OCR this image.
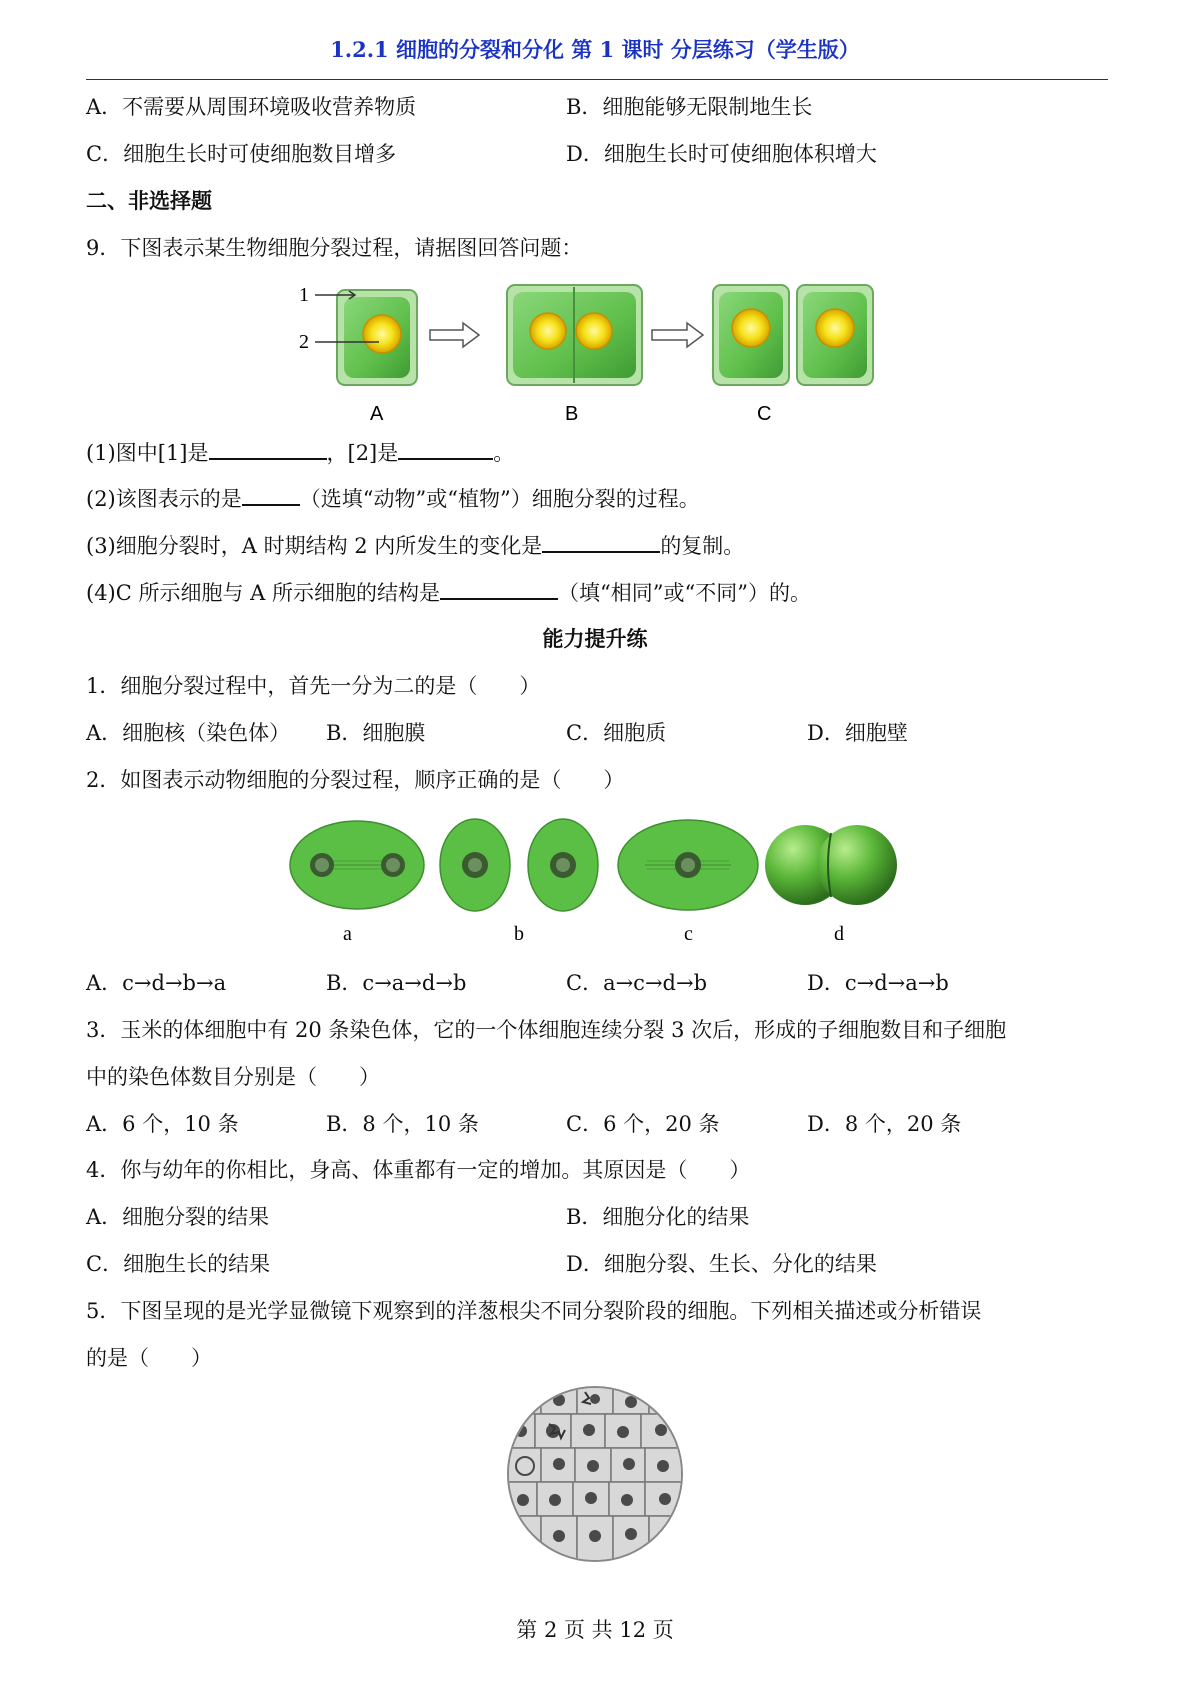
1.2.1 细胞的分裂和分化 第 1 课时 分层练习（学生版）
A．不需要从周围环境吸收营养物质	B．细胞能够无限制地生长
C．细胞生长时可使细胞数目增多	D．细胞生长时可使细胞体积增大
二、非选择题
9．下图表示某生物细胞分裂过程，请据图回答问题：
1
2
A	B	C
(1)图中[1]是	，[2]是	。
(2)该图表示的是	（选填“动物”或“植物”）细胞分裂的过程。
(3)细胞分裂时，A 时期结构 2 内所发生的变化是	的复制。
(4)C 所示细胞与 A 所示细胞的结构是	（填“相同”或“不同”）的。
能力提升练
1．细胞分裂过程中，首先一分为二的是（　　）
A．细胞核（染色体） B．细胞膜	C．细胞质	D．细胞壁
2．如图表示动物细胞的分裂过程，顺序正确的是（　　）
a	b	c	d
A．c→d→b→a	B．c→a→d→b	C．a→c→d→b	D．c→d→a→b
3．玉米的体细胞中有 20 条染色体，它的一个体细胞连续分裂 3 次后，形成的子细胞数目和子细胞
中的染色体数目分别是（　　）
A．6 个，10 条	B．8 个，10 条	C．6 个，20 条	D．8 个，20 条
4．你与幼年的你相比，身高、体重都有一定的增加。其原因是（　　）
A．细胞分裂的结果	B．细胞分化的结果
C．细胞生长的结果	D．细胞分裂、生长、分化的结果
5．下图呈现的是光学显微镜下观察到的洋葱根尖不同分裂阶段的细胞。下列相关描述或分析错误
的是（　　）
第 2 页 共 12 页
